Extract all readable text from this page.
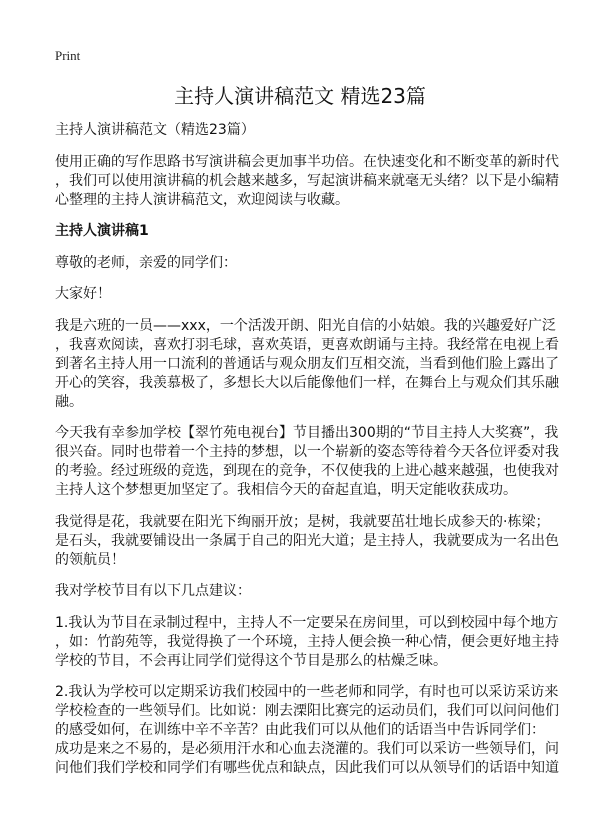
Print
主持人演讲稿范文 精选23篇

主持人演讲稿范文（精选23篇）

使用正确的写作思路书写演讲稿会更加事半功倍。在快速变化和不断变革的新时代
，我们可以使用演讲稿的机会越来越多，写起演讲稿来就毫无头绪？以下是小编精
心整理的主持人演讲稿范文，欢迎阅读与收藏。

主持人演讲稿1

尊敬的老师，亲爱的同学们：

大家好！

我是六班的一员——xxx，一个活泼开朗、阳光自信的小姑娘。我的兴趣爱好广泛
，我喜欢阅读，喜欢打羽毛球，喜欢英语，更喜欢朗诵与主持。我经常在电视上看
到著名主持人用一口流利的普通话与观众朋友们互相交流，当看到他们脸上露出了
开心的笑容，我羡慕极了，多想长大以后能像他们一样，在舞台上与观众们其乐融
融。

今天我有幸参加学校【翠竹苑电视台】节目播出300期的“节目主持人大奖赛”，我
很兴奋。同时也带着一个主持的梦想，以一个崭新的姿态等待着今天各位评委对我
的考验。经过班级的竞选，到现在的竞争，不仅使我的上进心越来越强，也使我对
主持人这个梦想更加坚定了。我相信今天的奋起直追，明天定能收获成功。

我觉得是花，我就要在阳光下绚丽开放；是树，我就要茁壮地长成参天的·栋梁；
是石头，我就要铺设出一条属于自己的阳光大道；是主持人，我就要成为一名出色
的领航员！

我对学校节目有以下几点建议：

1.我认为节目在录制过程中，主持人不一定要呆在房间里，可以到校园中每个地方
，如：竹韵苑等，我觉得换了一个环境，主持人便会换一种心情，便会更好地主持
学校的节目，不会再让同学们觉得这个节目是那么的枯燥乏味。

2.我认为学校可以定期采访我们校园中的一些老师和同学，有时也可以采访采访来
学校检查的一些领导们。比如说：刚去溧阳比赛完的运动员们，我们可以问问他们
的感受如何，在训练中辛不辛苦？由此我们可以从他们的话语当中告诉同学们：
成功是来之不易的，是必须用汗水和心血去浇灌的。我们可以采访一些领导们，问
问他们我们学校和同学们有哪些优点和缺点，因此我们可以从领导们的话语中知道
